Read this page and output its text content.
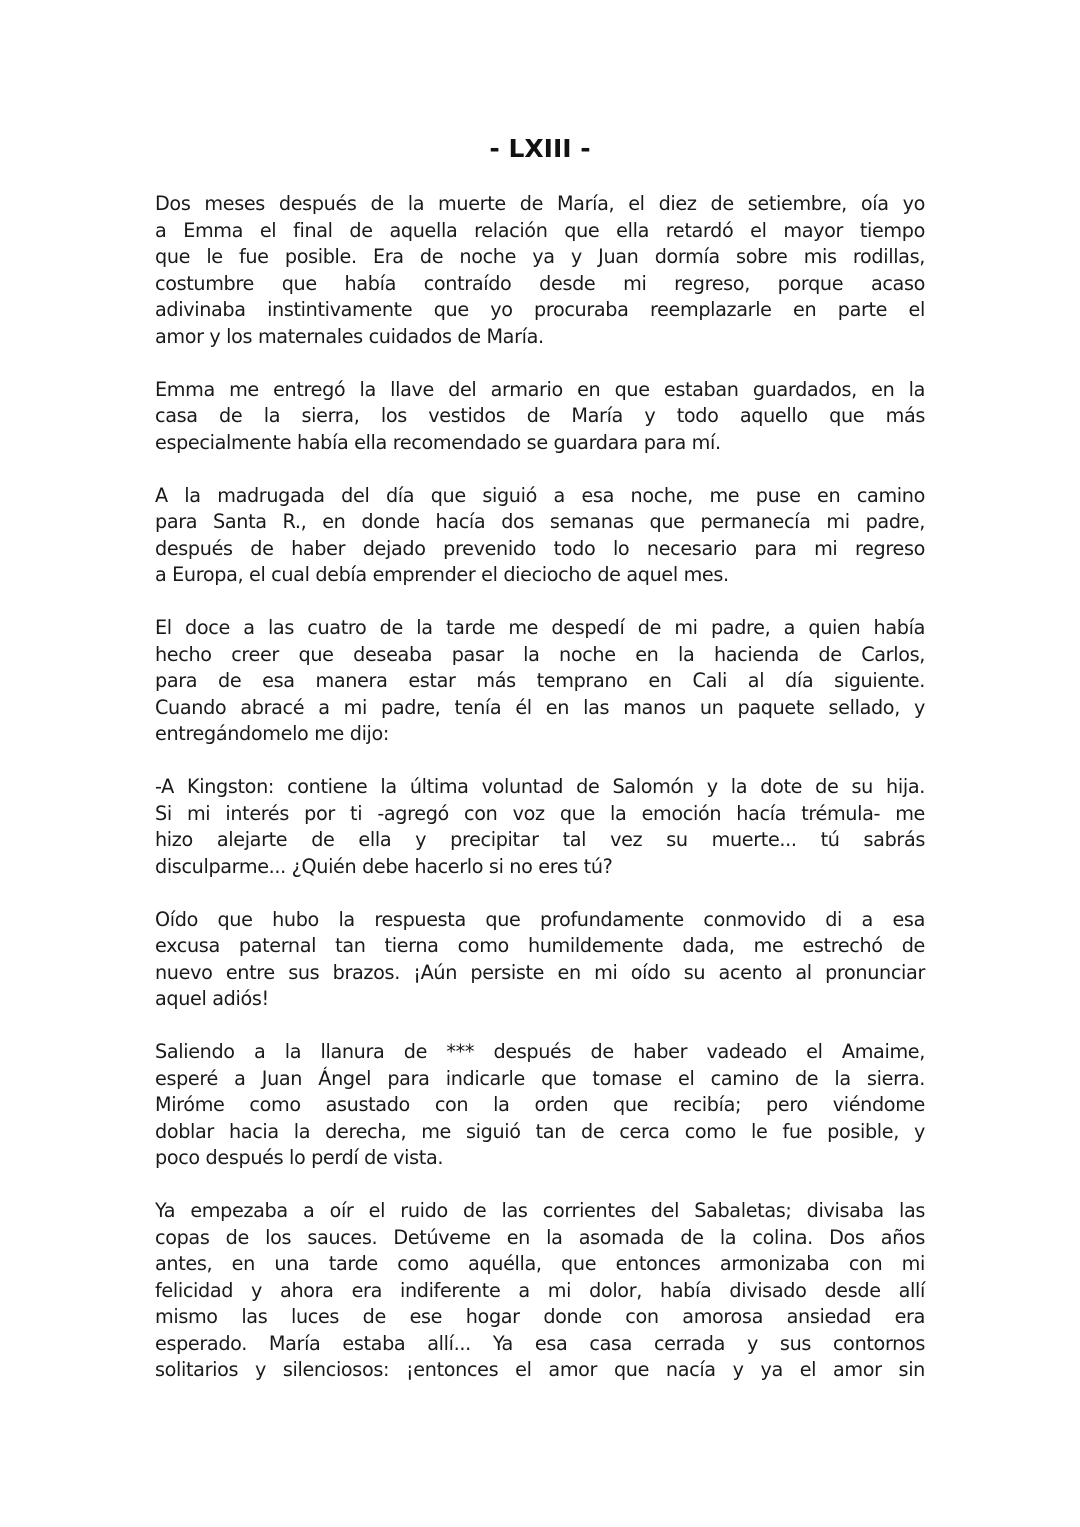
- LXIII -

Dos meses después de la muerte de María, el diez de setiembre, oía yo
a Emma el final de aquella relación que ella retardó el mayor tiempo
que le fue posible. Era de noche ya y Juan dormía sobre mis rodillas,
costumbre que había contraído desde mi regreso, porque acaso
adivinaba instintivamente que yo procuraba reemplazarle en parte el
amor y los maternales cuidados de María.

Emma me entregó la llave del armario en que estaban guardados, en la
casa de la sierra, los vestidos de María y todo aquello que más
especialmente había ella recomendado se guardara para mí.

A la madrugada del día que siguió a esa noche, me puse en camino
para Santa R., en donde hacía dos semanas que permanecía mi padre,
después de haber dejado prevenido todo lo necesario para mi regreso
a Europa, el cual debía emprender el dieciocho de aquel mes.

El doce a las cuatro de la tarde me despedí de mi padre, a quien había
hecho creer que deseaba pasar la noche en la hacienda de Carlos,
para de esa manera estar más temprano en Cali al día siguiente.
Cuando abracé a mi padre, tenía él en las manos un paquete sellado, y
entregándomelo me dijo:

-A Kingston: contiene la última voluntad de Salomón y la dote de su hija.
Si mi interés por ti -agregó con voz que la emoción hacía trémula- me
hizo alejarte de ella y precipitar tal vez su muerte... tú sabrás
disculparme... ¿Quién debe hacerlo si no eres tú?

Oído que hubo la respuesta que profundamente conmovido di a esa
excusa paternal tan tierna como humildemente dada, me estrechó de
nuevo entre sus brazos. ¡Aún persiste en mi oído su acento al pronunciar
aquel adiós!

Saliendo a la llanura de *** después de haber vadeado el Amaime,
esperé a Juan Ángel para indicarle que tomase el camino de la sierra.
Miróme como asustado con la orden que recibía; pero viéndome
doblar hacia la derecha, me siguió tan de cerca como le fue posible, y
poco después lo perdí de vista.

Ya empezaba a oír el ruido de las corrientes del Sabaletas; divisaba las
copas de los sauces. Detúveme en la asomada de la colina. Dos años
antes, en una tarde como aquélla, que entonces armonizaba con mi
felicidad y ahora era indiferente a mi dolor, había divisado desde allí
mismo las luces de ese hogar donde con amorosa ansiedad era
esperado. María estaba allí... Ya esa casa cerrada y sus contornos
solitarios y silenciosos: ¡entonces el amor que nacía y ya el amor sin
